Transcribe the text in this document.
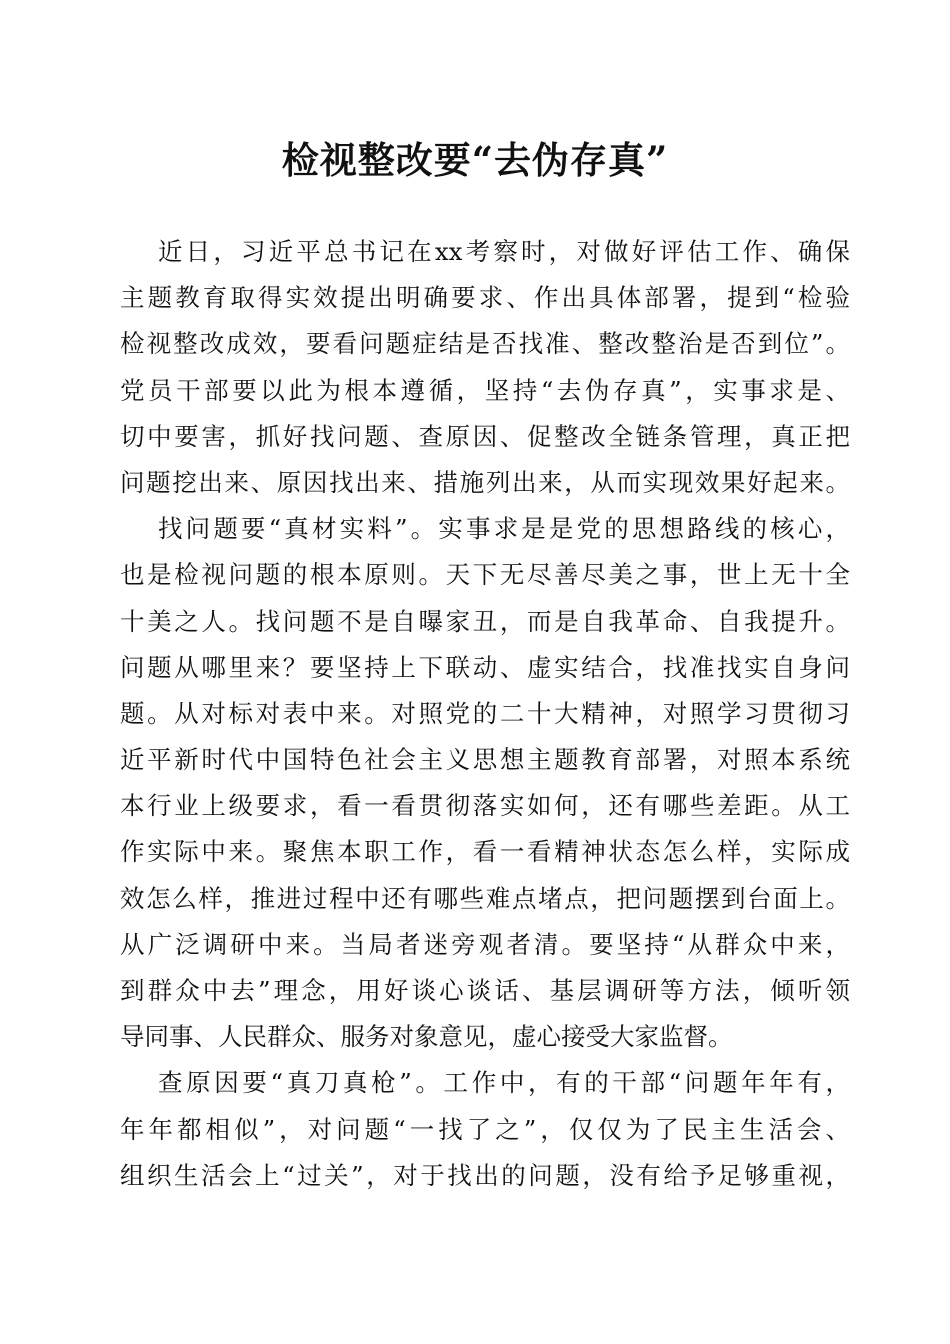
检视整改要“去伪存真”
近日，习近平总书记在xx考察时，对做好评估工作、确保
主题教育取得实效提出明确要求、作出具体部署，提到“检验
检视整改成效，要看问题症结是否找准、整改整治是否到位”。
党员干部要以此为根本遵循，坚持“去伪存真”，实事求是、
切中要害，抓好找问题、查原因、促整改全链条管理，真正把
问题挖出来、原因找出来、措施列出来，从而实现效果好起来。
找问题要“真材实料”。实事求是是党的思想路线的核心，
也是检视问题的根本原则。天下无尽善尽美之事，世上无十全
十美之人。找问题不是自曝家丑，而是自我革命、自我提升。
问题从哪里来？要坚持上下联动、虚实结合，找准找实自身问
题。从对标对表中来。对照党的二十大精神，对照学习贯彻习
近平新时代中国特色社会主义思想主题教育部署，对照本系统
本行业上级要求，看一看贯彻落实如何，还有哪些差距。从工
作实际中来。聚焦本职工作，看一看精神状态怎么样，实际成
效怎么样，推进过程中还有哪些难点堵点，把问题摆到台面上。
从广泛调研中来。当局者迷旁观者清。要坚持“从群众中来，
到群众中去”理念，用好谈心谈话、基层调研等方法，倾听领
导同事、人民群众、服务对象意见，虚心接受大家监督。
查原因要“真刀真枪”。工作中，有的干部“问题年年有，
年年都相似”，对问题“一找了之”，仅仅为了民主生活会、
组织生活会上“过关”，对于找出的问题，没有给予足够重视，
